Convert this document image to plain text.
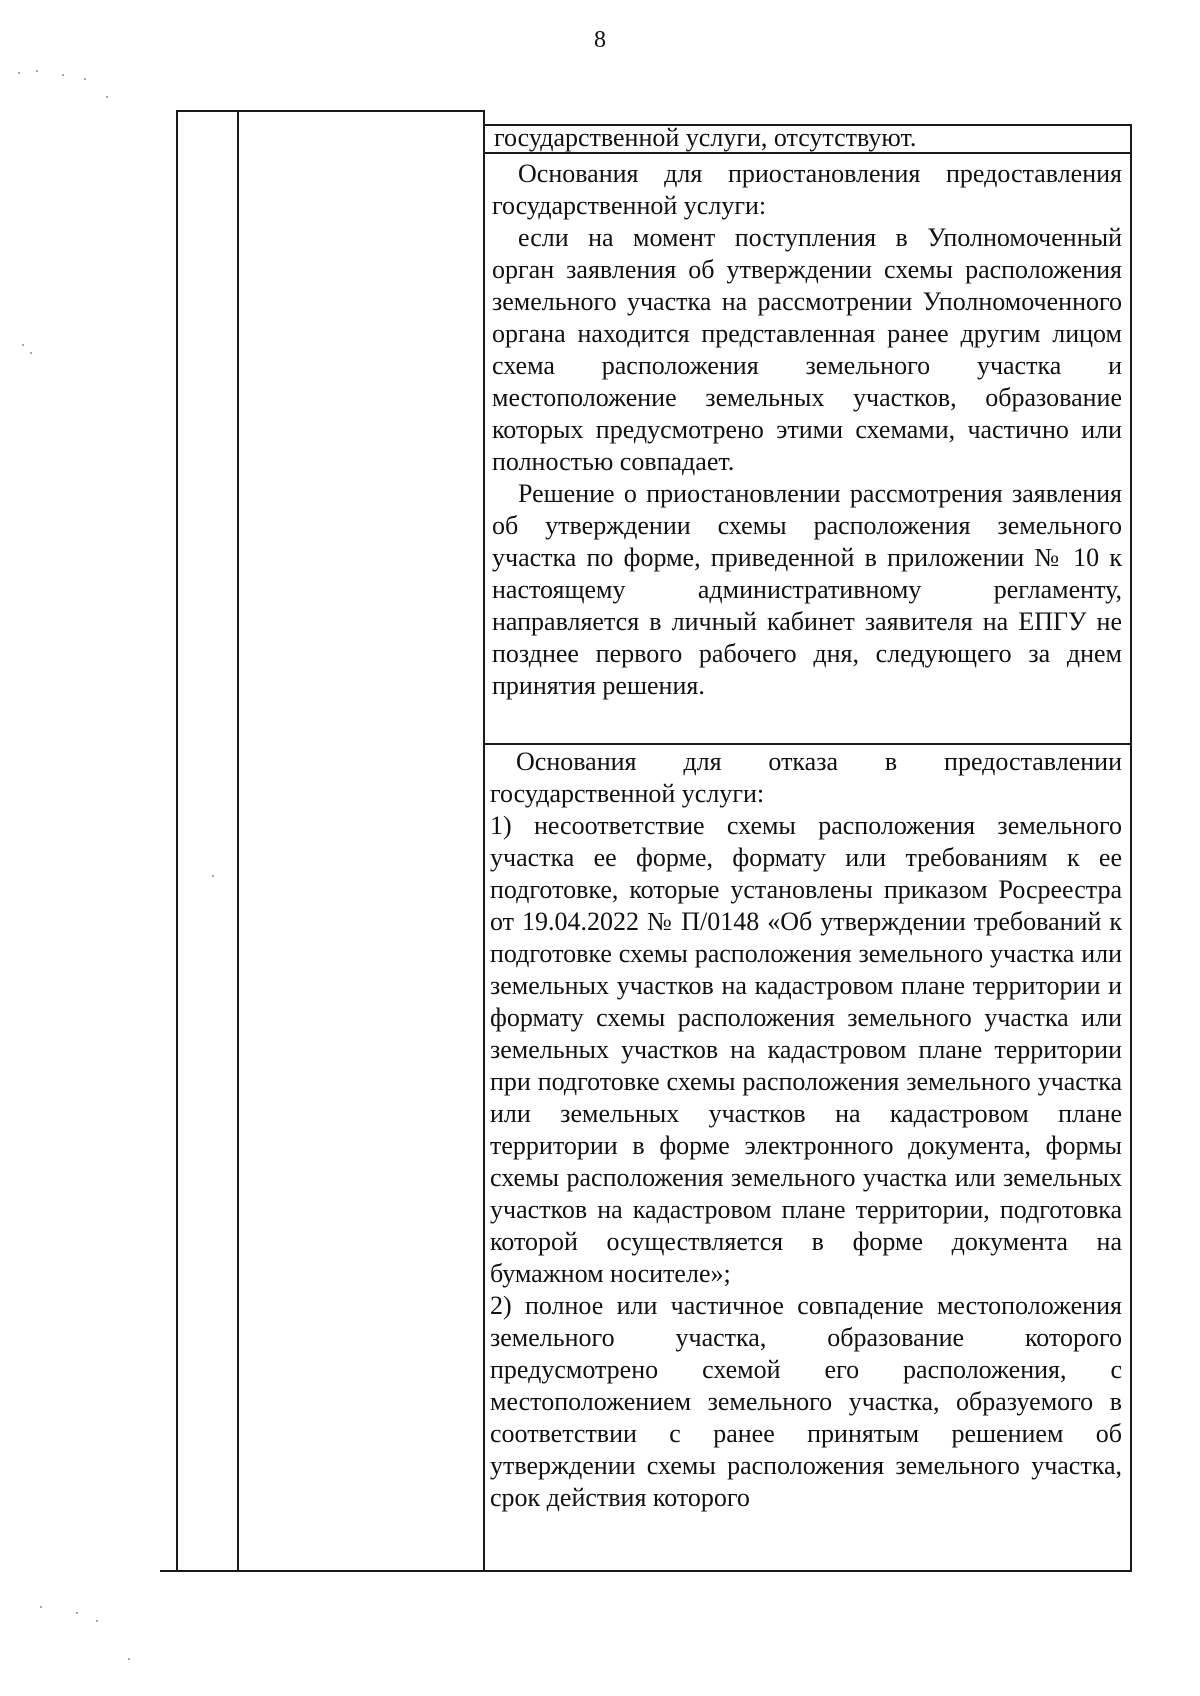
8

государственной услуги, отсутствуют.

Основания для приостановления предоставления государственной услуги:

если на момент поступления в Уполномоченный орган заявления об утверждении схемы расположения земельного участка на рассмотрении Уполномоченного органа находится представленная ранее другим лицом схема расположения земельного участка и местоположение земельных участков, образование которых предусмотрено этими схемами, частично или полностью совпадает.

Решение о приостановлении рассмотрения заявления об утверждении схемы расположения земельного участка по форме, приведенной в приложении № 10 к настоящему административному регламенту, направляется в личный кабинет заявителя на ЕПГУ не позднее первого рабочего дня, следующего за днем принятия решения.

Основания для отказа в предоставлении государственной услуги:

1) несоответствие схемы расположения земельного участка ее форме, формату или требованиям к ее подготовке, которые установлены приказом Росреестра от 19.04.2022 № П/0148 «Об утверждении требований к подготовке схемы расположения земельного участка или земельных участков на кадастровом плане территории и формату схемы расположения земельного участка или земельных участков на кадастровом плане территории при подготовке схемы расположения земельного участка или земельных участков на кадастровом плане территории в форме электронного документа, формы схемы расположения земельного участка или земельных участков на кадастровом плане территории, подготовка которой осуществляется в форме документа на бумажном носителе»;

2) полное или частичное совпадение местоположения земельного участка, образование которого предусмотрено схемой его расположения, с местоположением земельного участка, образуемого в соответствии с ранее принятым решением об утверждении схемы расположения земельного участка, срок действия которого
